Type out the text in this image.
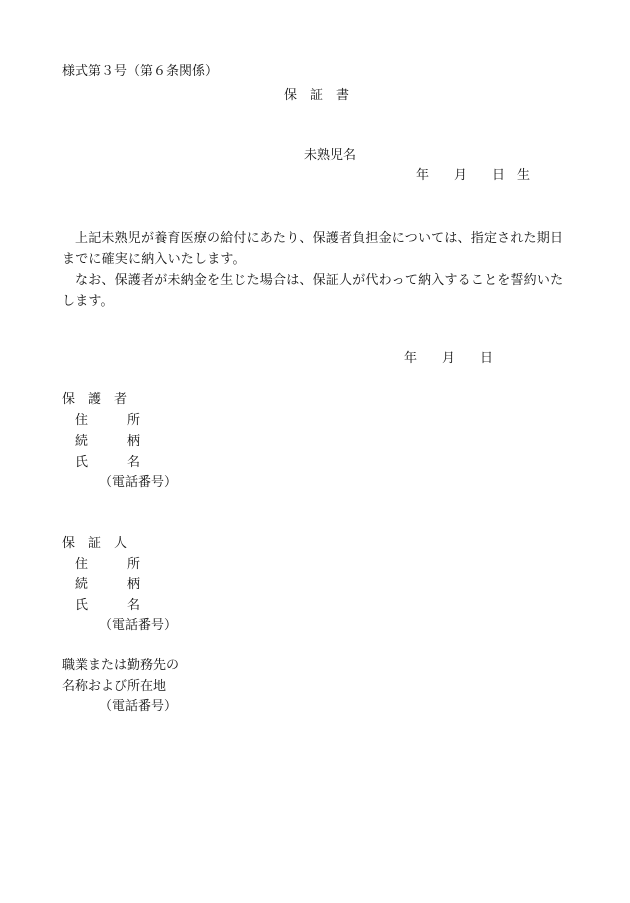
様式第３号（第６条関係）
保　証　書
未熟児名
年 月 日 生
上記未熟児が養育医療の給付にあたり、保護者負担金については、指定された期日までに確実に納入いたします。
なお、保護者が未納金を生じた場合は、保証人が代わって納入することを誓約いたします。
年 月 日
保　護　者
住　　　所
続　　　柄
氏　　　名
（電話番号）
保　証　人
住　　　所
続　　　柄
氏　　　名
（電話番号）
職業または勤務先の
名称および所在地
（電話番号）
